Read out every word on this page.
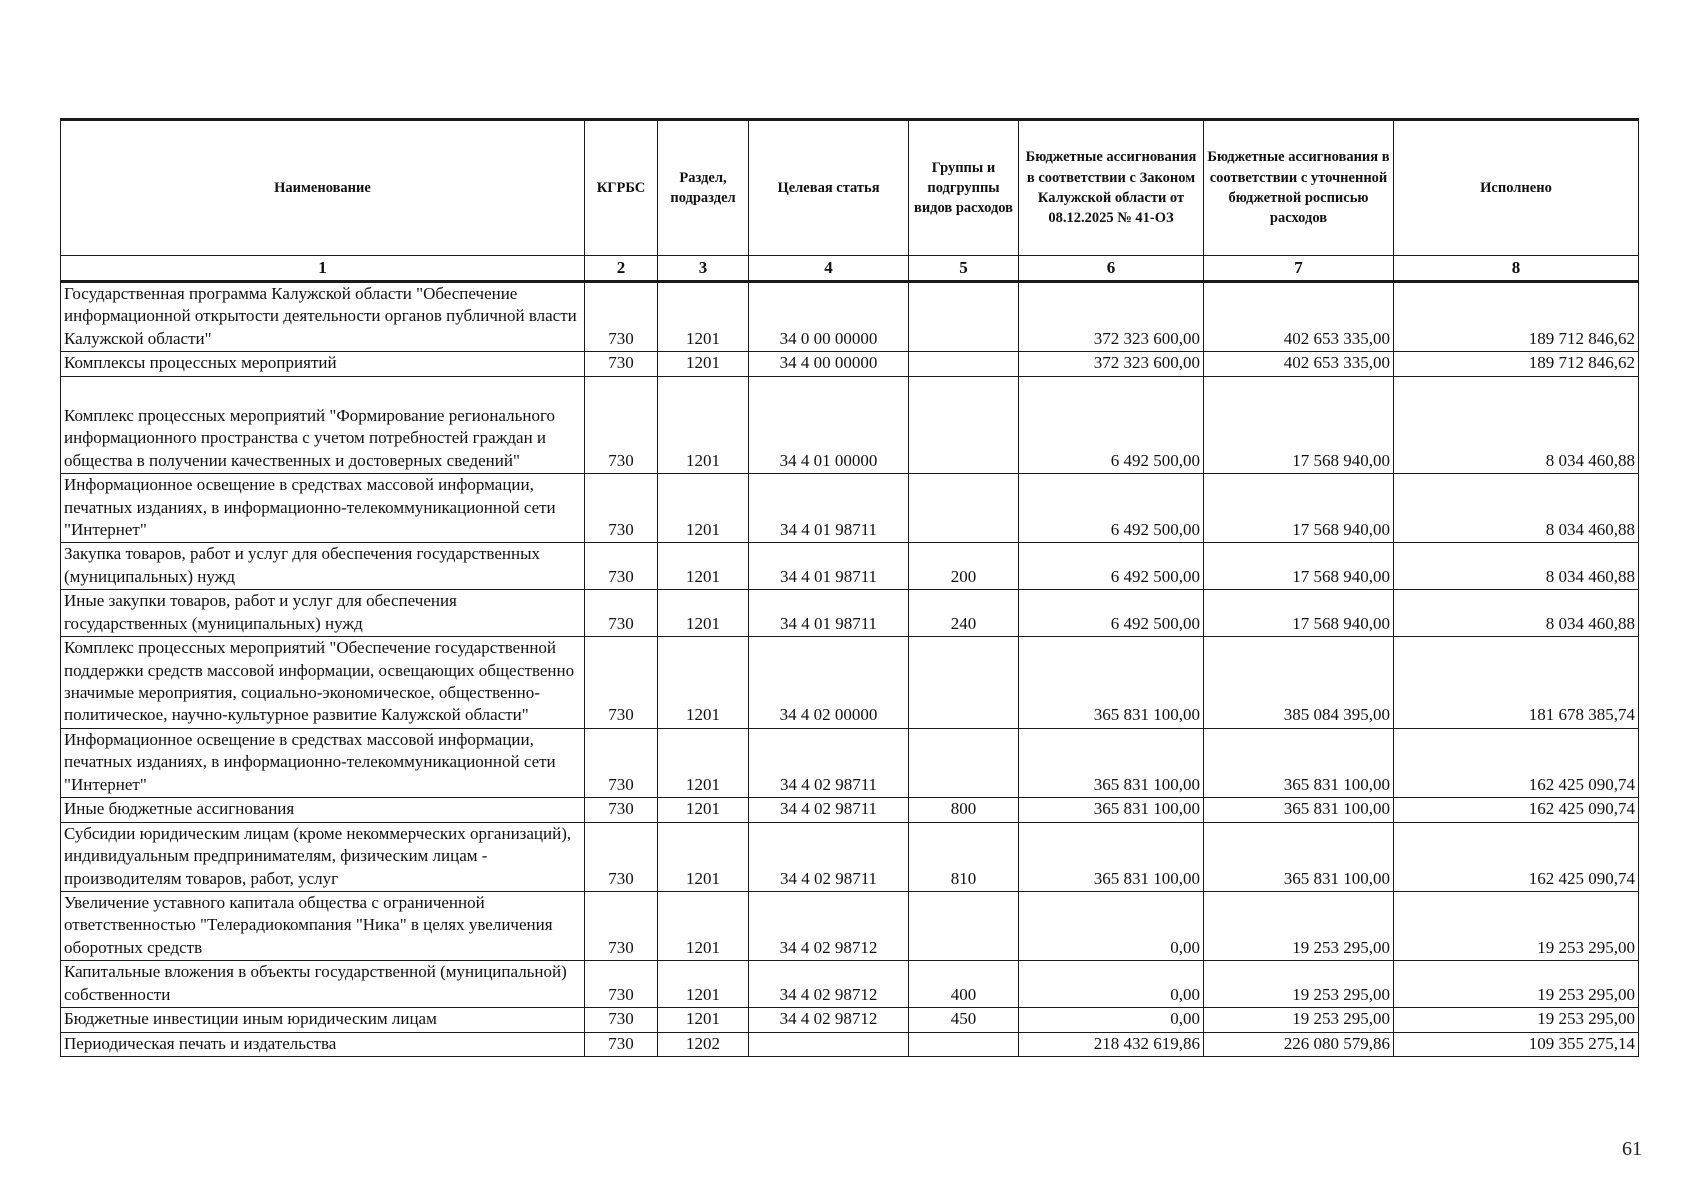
Наименование	КГРБС	Раздел, подраздел	Целевая статья	Группы и подгруппы видов расходов	Бюджетные ассигнования в соответствии с Законом Калужской области от 08.12.2025 № 41-ОЗ	Бюджетные ассигнования в соответствии с уточненной бюджетной росписью расходов	Исполнено
1	2	3	4	5	6	7	8
Государственная программа Калужской области "Обеспечение информационной открытости деятельности органов публичной власти Калужской области"	730	1201	34 0 00 00000		372 323 600,00	402 653 335,00	189 712 846,62
Комплексы процессных мероприятий	730	1201	34 4 00 00000		372 323 600,00	402 653 335,00	189 712 846,62
Комплекс процессных мероприятий "Формирование регионального информационного пространства с учетом потребностей граждан и общества в получении качественных и достоверных сведений"	730	1201	34 4 01 00000		6 492 500,00	17 568 940,00	8 034 460,88
Информационное освещение в средствах массовой информации, печатных изданиях, в информационно-телекоммуникационной сети "Интернет"	730	1201	34 4 01 98711		6 492 500,00	17 568 940,00	8 034 460,88
Закупка товаров, работ и услуг для обеспечения государственных (муниципальных) нужд	730	1201	34 4 01 98711	200	6 492 500,00	17 568 940,00	8 034 460,88
Иные закупки товаров, работ и услуг для обеспечения государственных (муниципальных) нужд	730	1201	34 4 01 98711	240	6 492 500,00	17 568 940,00	8 034 460,88
Комплекс процессных мероприятий "Обеспечение государственной поддержки средств массовой информации, освещающих общественно значимые мероприятия, социально-экономическое, общественно-политическое, научно-культурное развитие Калужской области"	730	1201	34 4 02 00000		365 831 100,00	385 084 395,00	181 678 385,74
Информационное освещение в средствах массовой информации, печатных изданиях, в информационно-телекоммуникационной сети "Интернет"	730	1201	34 4 02 98711		365 831 100,00	365 831 100,00	162 425 090,74
Иные бюджетные ассигнования	730	1201	34 4 02 98711	800	365 831 100,00	365 831 100,00	162 425 090,74
Субсидии юридическим лицам (кроме некоммерческих организаций), индивидуальным предпринимателям, физическим лицам - производителям товаров, работ, услуг	730	1201	34 4 02 98711	810	365 831 100,00	365 831 100,00	162 425 090,74
Увеличение уставного капитала общества с ограниченной ответственностью "Телерадиокомпания "Ника" в целях увеличения оборотных средств	730	1201	34 4 02 98712		0,00	19 253 295,00	19 253 295,00
Капитальные вложения в объекты государственной (муниципальной) собственности	730	1201	34 4 02 98712	400	0,00	19 253 295,00	19 253 295,00
Бюджетные инвестиции иным юридическим лицам	730	1201	34 4 02 98712	450	0,00	19 253 295,00	19 253 295,00
Периодическая печать и издательства	730	1202			218 432 619,86	226 080 579,86	109 355 275,14
61
